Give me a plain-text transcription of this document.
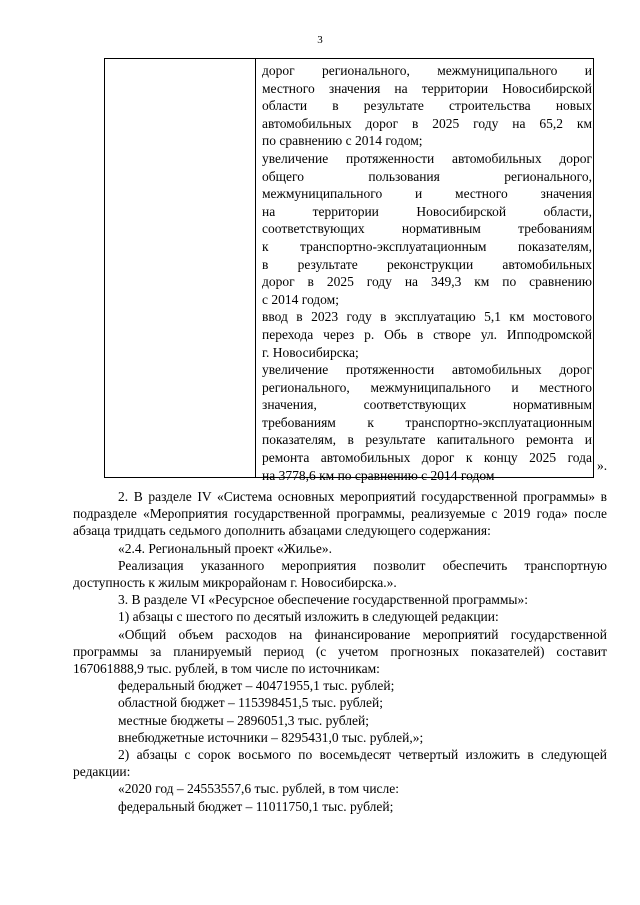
3
дорог регионального, межмуниципального и
местного значения на территории Новосибирской
области в результате строительства новых
автомобильных дорог в 2025 году на 65,2 км
по сравнению с 2014 годом;
увеличение протяженности автомобильных дорог
общего пользования регионального,
межмуниципального и местного значения
на территории Новосибирской области,
соответствующих нормативным требованиям
к транспортно-эксплуатационным показателям,
в результате реконструкции автомобильных
дорог в 2025 году на 349,3 км по сравнению
с 2014 годом;
ввод в 2023 году в эксплуатацию 5,1 км мостового
перехода через р. Обь в створе ул. Ипподромской
г. Новосибирска;
увеличение протяженности автомобильных дорог
регионального, межмуниципального и местного
значения, соответствующих нормативным
требованиям к транспортно-эксплуатационным
показателям, в результате капитального ремонта и
ремонта автомобильных дорог к концу 2025 года
на 3778,6 км по сравнению с 2014 годом
».
2. В разделе IV «Система основных мероприятий государственной программы» в подразделе «Мероприятия государственной программы, реализуемые с 2019 года» после абзаца тридцать седьмого дополнить абзацами следующего содержания:
«2.4. Региональный проект «Жилье».
Реализация указанного мероприятия позволит обеспечить транспортную доступность к жилым микрорайонам г. Новосибирска.».
3. В разделе VI «Ресурсное обеспечение государственной программы»:
1) абзацы с шестого по десятый изложить в следующей редакции:
«Общий объем расходов на финансирование мероприятий государственной программы за планируемый период (с учетом прогнозных показателей) составит 167061888,9 тыс. рублей, в том числе по источникам:
федеральный бюджет – 40471955,1 тыс. рублей;
областной бюджет – 115398451,5 тыс. рублей;
местные бюджеты – 2896051,3 тыс. рублей;
внебюджетные источники – 8295431,0 тыс. рублей,»;
2) абзацы с сорок восьмого по восемьдесят четвертый изложить в следующей редакции:
«2020 год – 24553557,6 тыс. рублей, в том числе:
федеральный бюджет – 11011750,1 тыс. рублей;
